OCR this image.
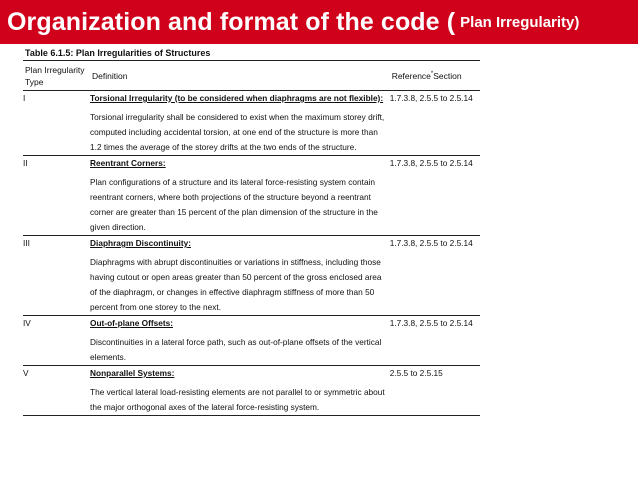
Organization and format of the code ( Plan Irregularity)
Table 6.1.5: Plan Irregularities of Structures
Plan Irregularity Type	Definition	Reference*Section
I	Torsional Irregularity (to be considered when diaphragms are not flexible):
Torsional irregularity shall be considered to exist when the maximum storey drift, computed including accidental torsion, at one end of the structure is more than 1.2 times the average of the storey drifts at the two ends of the structure.	1.7.3.8, 2.5.5 to 2.5.14
II	Reentrant Corners:
Plan configurations of a structure and its lateral force-resisting system contain reentrant corners, where both projections of the structure beyond a reentrant corner are greater than 15 percent of the plan dimension of the structure in the given direction.	1.7.3.8, 2.5.5 to 2.5.14
III	Diaphragm Discontinuity:
Diaphragms with abrupt discontinuities or variations in stiffness, including those having cutout or open areas greater than 50 percent of the gross enclosed area of the diaphragm, or changes in effective diaphragm stiffness of more than 50 percent from one storey to the next.	1.7.3.8, 2.5.5 to 2.5.14
IV	Out-of-plane Offsets:
Discontinuities in a lateral force path, such as out-of-plane offsets of the vertical elements.	1.7.3.8, 2.5.5 to 2.5.14
V	Nonparallel Systems:
The vertical lateral load-resisting elements are not parallel to or symmetric about the major orthogonal axes of the lateral force-resisting system.	2.5.5 to 2.5.15
